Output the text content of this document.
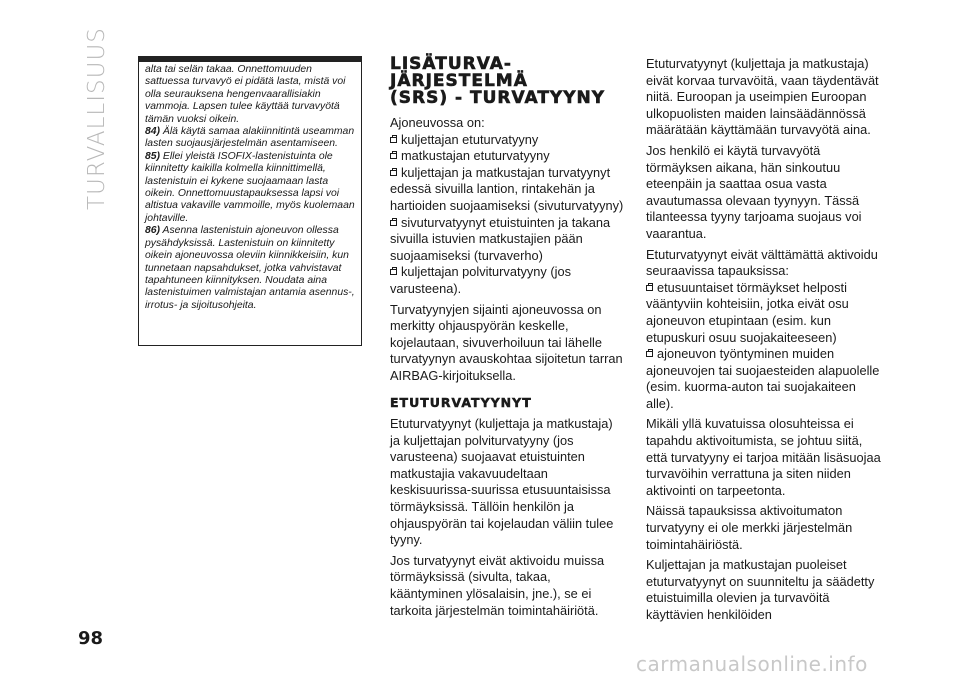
TURVALLISUUS	alta tai selän takaa. Onnettomuuden sattuessa turvavyö ei pidätä lasta, mistä voi olla seurauksena hengenvaarallisiakin vammoja. Lapsen tulee käyttää turvavyötä tämän vuoksi oikein.

84) Älä käytä samaa alakiinnitintä useamman lasten suojausjärjestelmän asentamiseen.

85) Ellei yleistä ISOFIX-lastenistuinta ole kiinnitetty kaikilla kolmella kiinnittimellä, lastenistuin ei kykene suojaamaan lasta oikein. Onnettomuustapauksessa lapsi voi altistua vakaville vammoille, myös kuolemaan johtaville.

86) Asenna lastenistuin ajoneuvon ollessa pysähdyksissä. Lastenistuin on kiinnitetty oikein ajoneuvossa oleviin kiinnikkeisiin, kun tunnetaan napsahdukset, jotka vahvistavat tapahtuneen kiinnityksen. Noudata aina lastenistuimen valmistajan antamia asennus-, irrotus- ja sijoitusohjeita.

LISÄTURVA-
JÄRJESTELMÄ
(SRS) - TURVATYYNY

Ajoneuvossa on:

kuljettajan etuturvatyyny

matkustajan etuturvatyyny

kuljettajan ja matkustajan turvatyynyt edessä sivuilla lantion, rintakehän ja hartioiden suojaamiseksi (sivuturvatyyny)

sivuturvatyynyt etuistuinten ja takana sivuilla istuvien matkustajien pään suojaamiseksi (turvaverho)

kuljettajan polviturvatyyny (jos varusteena).

Turvatyynyjen sijainti ajoneuvossa on merkitty ohjauspyörän keskelle, kojelautaan, sivuverhoiluun tai lähelle turvatyynyn avauskohtaa sijoitetun tarran AIRBAG-kirjoituksella.

ETUTURVATYYNYT

Etuturvatyynyt (kuljettaja ja matkustaja) ja kuljettajan polviturvatyyny (jos varusteena) suojaavat etuistuinten matkustajia vakavuudeltaan keskisuurissa-suurissa etusuuntaisissa törmäyksissä. Tällöin henkilön ja ohjauspyörän tai kojelaudan väliin tulee tyyny.

Jos turvatyynyt eivät aktivoidu muissa törmäyksissä (sivulta, takaa, kääntyminen ylösalaisin, jne.), se ei tarkoita järjestelmän toimintahäiriötä.

Etuturvatyynyt (kuljettaja ja matkustaja) eivät korvaa turvavöitä, vaan täydentävät niitä. Euroopan ja useimpien Euroopan ulkopuolisten maiden lainsäädännössä määrätään käyttämään turvavyötä aina.

Jos henkilö ei käytä turvavyötä törmäyksen aikana, hän sinkoutuu eteenpäin ja saattaa osua vasta avautumassa olevaan tyynyyn. Tässä tilanteessa tyyny tarjoama suojaus voi vaarantua.

Etuturvatyynyt eivät välttämättä aktivoidu seuraavissa tapauksissa:

etusuuntaiset törmäykset helposti vääntyviin kohteisiin, jotka eivät osu ajoneuvon etupintaan (esim. kun etupuskuri osuu suojakaiteeseen)

ajoneuvon työntyminen muiden ajoneuvojen tai suojaesteiden alapuolelle (esim. kuorma-auton tai suojakaiteen alle).

Mikäli yllä kuvatuissa olosuhteissa ei tapahdu aktivoitumista, se johtuu siitä, että turvatyyny ei tarjoa mitään lisäsuojaa turvavöihin verrattuna ja siten niiden aktivointi on tarpeetonta.

Näissä tapauksissa aktivoitumaton turvatyyny ei ole merkki järjestelmän toimintahäiriöstä.

Kuljettajan ja matkustajan puoleiset etuturvatyynyt on suunniteltu ja säädetty etuistuimilla olevien ja turvavöitä käyttävien henkilöiden

98
carmanualsonline.info
